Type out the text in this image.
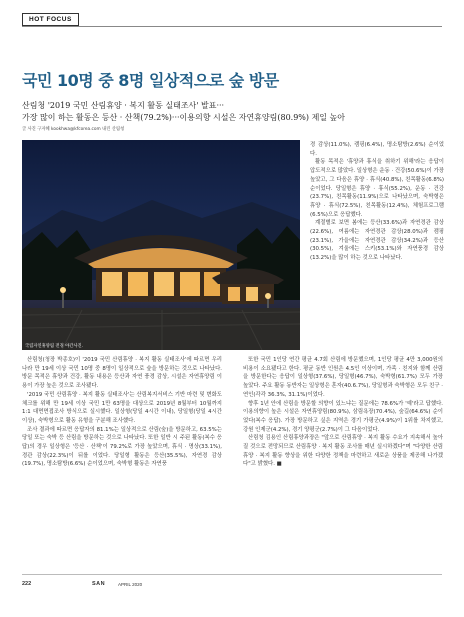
HOT FOCUS
국민 10명 중 8명 일상적으로 숲 방문
산림청 '2019 국민 산림휴양 · 복지 활동 실태조사' 발표···
가장 많이 하는 활동은 등산 · 산책(79.2%)···이용의향 시설은 자연휴양림(80.9%) 제일 높아
글 사진 구자혜 kookhwa@kfcorea.com 내린 산림청
국립자연휴양림 전경 야간사진.

경 감상(11.0%), 캠핑(6.4%), 명소탐방(2.6%) 순이었다.

활동 목적은 '휴양과 휴식을 취하기 위해'라는 응답이 압도적으로 많았다. 일상형은 운동 · 건강(50.6%)이 가장 높았고, 그 다음은 휴양 · 휴식(40.8%), 친목활동(6.8%) 순이었다. 당일형은 휴양 · 휴식(55.2%), 운동 · 건강(23.7%), 친목활동(11.9%)으로 나타났으며, 숙박형은 휴양 · 휴식(72.5%), 친목활동(12.4%), 체험프로그램(6.5%)으로 응답했다.

계절별로 보면 봄에는 등산(33.6%)과 자연경관 감상(22.6%), 여름에는 자연경관 감상(28.0%)과 캠핑(23.1%), 가을에는 자연경관 감상(34.2%)과 등산(30.5%), 겨울에는 스키(53.1%)와 자연풍경 감상(13.2%)을 많이 하는 것으로 나타났다.

산림청(청장 박종호)이 '2019 국민 산림휴양 · 복지 활동 실태조사'에 따르면 우리나라 만 19세 이상 국민 10명 중 8명이 일상적으로 숲을 방문하는 것으로 나타났다. 방문 목적은 휴양과 건강, 활동 내용은 등산과 자연 풍경 감상, 시설은 자연휴양림 이용이 가장 높은 것으로 조사됐다.

'2019 국민 산림휴양 · 복지 활동 실태조사'는 산림복지서비스 기반 마련 및 변화도 체크를 위해 만 19세 이상 국민 1만 63명을 대상으로 2019년 8월부터 10월까지 1:1 대면면접조사 방식으로 실시했다. 일상형(당일 4시간 이내), 당일형(당일 4시간 이상), 숙박형으로 활동 유형을 구분해 조사했다.

조사 결과에 따르면 응답자의 81.1%는 일상적으로 산림(숲)을 방문하고, 63.5%는 당일 또는 숙박 등 산림을 방문하는 것으로 나타났다. 또한 일반 시 주된 활동(복수 응답)의 경우 일상형은 '등산 · 산책'이 79.2%로 가장 높았으며, 휴식 · 명상(33.1%), 경관 감상(22.3%)이 뒤를 이었다. 당일형 활동은 등산(35.5%), 자연경 감상(19.7%), 명소탐방(6.6%) 순이었으며, 숙박형 활동은 자연풍

또한 국민 1인당 연간 평균 4.7회 산림에 방문했으며, 1인당 평균 4만 3,000원의 비용이 소요됐다고 한다. 평균 동반 인원은 4.5인 이상이며, 가족 · 친지와 함께 산림을 방문한다는 응답이 일상형(37.6%), 당일형(46.7%), 숙박형(61.7%) 모두 가장 높았다. 주요 활동 동반자는 일상형은 혼자(40.6.7%), 당일형과 숙박형은 모두 친구 · 연인(각각 36.3%, 31.1%)이었다.

향후 1년 안에 산림을 방문할 의향이 있느냐는 질문에는 78.6%가 '예'라고 답했다. 이용의향이 높은 시설은 자연휴양림(80.9%), 삼림욕장(70.4%), 숲길(64.6%) 순이었다(복수 응답). 가장 방문하고 싶은 지역은 경기 가평군(4.9%)이 1위를 차지했고, 강원 인제군(4.2%), 경기 양평군(2.7%)이 그 다음이었다.

산림청 김용인 산림휴양과장은 "앞으로 산림휴양 · 복지 활동 수요가 지속해서 높아질 것으로 전망되므로 산림휴양 · 복지 활동 조사를 매년 실시하겠다"며 "다양한 산림휴양 · 복지 활동 향상을 위한 다양한 정책을 마련하고 새로운 상품을 제공해 나가겠다"고 밝혔다. ■

222	SAN	APRIL 2020
